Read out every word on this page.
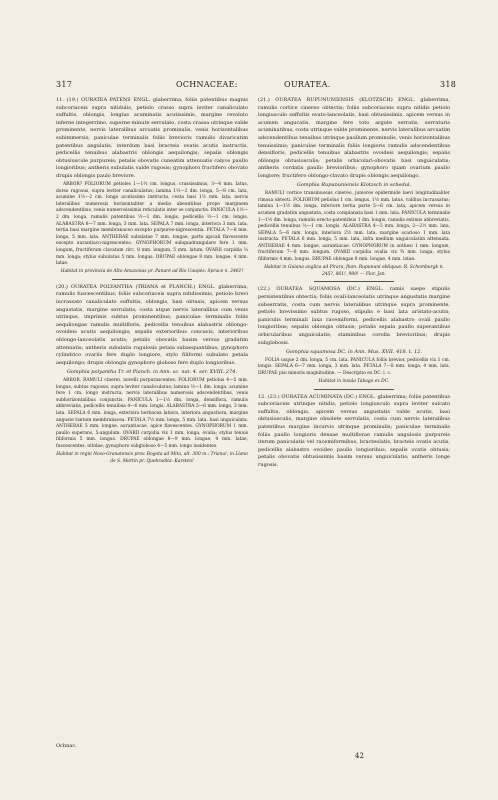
317	OCHNACEAE:	OURATEA.	318

11. (19.) OURATEA PATENS ENGL. glaberrima; foliis patentibus magnis subcoriaceis supra nitidulis, petiolo crasso supra leviter canaliculato suffultis, oblongis, longius acuminatis acutissimis, margine revoluto inferne integerrimo, superne minute serrulato, costa crassa utrinque valde prominente, nervis lateralibus arcuatis prominulis, venis horizontalibus subimmersis; paniculae terminalis foliis brevioris ramulis divaricatim patentibus angulatis, interdum basi bracteis ovatis acutis instructis, pedicellis tenuibus alabastris oblongis aequilongis; sepalis oblongis obtusiuscule purpureis; petalis obovatis cuneatim attenuatis calyce paullo longioribus; antheris subulatis valde rugosis; gynophoro fructifero obovato drupis oblongis paulo breviore.

ARBOR? FOLIORUM petioles 1—1½ cm. longus, crassissimus, 3—4 mm. latus, dorso rugosus, supra leviter canaliculatus; lamina 1½—2 dm. longa, 5—8 cm. lata, acumine 1½—2 cm. longo acutissimo instructa, costa basi 1½ mm. lata, nervis lateralibus numerosis horizontaliter a medio abeuntibus prope marginem adscendentibus, venis numerosissimis reticulatis inter se conjunctis. PANICULA 1½—2 dm. longa, ramulis patentibus ½—1 dm. longis, pedicellis ½—1 cm. longis. ALABASTRA 6—7 mm. longa, 3 mm. lata. SEPALA 7 mm. longa, interiora 3 mm. lata, tertia basi margine membranaceo excepto purpureo-nigrescentia. PETALA 7—8 mm. longa, 5 mm. lata. ANTHERAE subulatae 7 mm. longae, parte apicali flavescente excepto aurantiaco-nigrescentes. GYNOPHORUM subquadrangulare fere 1 mm. longum, fructiferum clavatum circ. 8 mm. longum, 5 mm. latum. OVARII carpidia ⅓ mm. longa; stylus subulatus 5 mm. longus. DRUPAE oblongae 8 mm. longae, 4 mm. latae.

Habitat in provincia de Alto Amazonas pr. Panuré ad Rio Uaupés: Spruce n. 2461!

(20.) OURATEA POLYANTHA (TRIANA et PLANCH.) ENGL. glaberrima, ramulis fuscescentibus; foliis subcoriaceis supra nitidissimis, petiolo brevi incrassato canaliculato suffultis, oblongis, basi obtusis, apicem versus angustatis, margine serrulatis, costa atque nervis lateralibus cum venis utrinque, imprimis subtus prominentibus; paniculae terminalis foliis aequilongae ramulis multifloris, pedicellis tenuibus alabastris oblongo-ovoideis acutis aequilongis; sepalis exterioribus concavis, interioribus oblongo-lanceolatis acutis; petalis obovatis basim versus gradatim attenuatis; antheris subulatis rugulosis petala subaequantibus; gynophoro cylindrico ovariis fere duplo longiore, stylo filiformi subulato petala aequilongo; drupis oblongis gynophoro globoso fere duplo longioribus.

Gomphia polyantha Tr. et Planch. in Ann. sc. nat. 4. ser. XVIII. 274.

ARBOR. RAMULI cinerei, novelli purpurascentes. FOLIORUM petiolus 4—5 mm. longus, subtus rugosus, supra leviter canaliculatus; lamina ½—1 dm. longa, acumine fere 1 cm. longo instructa, nervis lateralibus numerosis adscendentibus, venis subhorizontalibus conjunctis. PANICULA 1—1½ dm. longa, densiflora, ramulis abbreviatis, pedicellis tenuibus 4—6 mm. longis. ALABASTRA 5—6 mm. longa, 3 mm. lata. SEPALA 6 mm. longa, exteriora herbacea latiora, interiora angustiora, margine anguste tantum membranacea. PETALA 7½ mm. longa, 5 mm. lata, basi unguiculata. ANTHERAE 5 mm. longae, aurantiacae, apice flavescentes. GYNOPHORUM 1 mm. paullo superans, 5-angulum. OVARII carpidia vix 1 mm. longa, ovalia; stylus tenuis filiformis 5 mm. longus. DRUPAE oblongae 8—9 mm. longae, 4 mm. latae, fuscescentes, nitidae, gynophoro subgloboso 4—5 mm. longo insidentes.

Habitat in regni Novo-Granatensis prov. Bogota ad Mita, alt. 300 m.: Triana!; in Llano de S. Martin pr. Quebradita: Karsten!

(21.) OURATEA RUPUNUNIENSIS (KLOTZSCH) ENGL. glaberrima, ramulis cortice cinereo obtectis; foliis subcoriaceis supra nitidis petiolo longiusculo suffultis ovato-lanceolatis, basi obtusissimis, apicem versus in acumen angucatis, margine fere toto argute serratis, serraturis acuminatibus, costa utrinque valde prominente, nervis lateralibus arcuatim adscendentibus tenuibus utrinque paullum prominulis, venis horizontalibus tenuissimis; paniculae terminalis foliis longioris ramulis adscendentibus densifloris, pedicellis tenuibus alabastris ovoideis aequilongis; sepalis oblongis obtusiusculis; petalis orbiculari-obovatis basi unguiculatis; antheris cordatis paullo brevioribus; gynophoro quam ovarium paullo longiore; fructifero oblongo-clavato drupis oblongis aequilongo.

Gomphia Rupununiensis Klotzsch in schedul.

RAMULI cortice transinuosus cinereo, juniores epidermide laevi longitudinaliter rimosa obtecti. FOLIORUM petiolus 1 cm. longus, 1½ mm. latus, valdius incrassatus; lamina 1—1½ dm. longa, inferiore tertia parte 5—6 cm. lata, apicem versus in acumen gradatim angustata, costa complanata basi 1 mm. lata. PANICULA terminalis 1—1½ dm. longa, ramulis erecto-patentibus 1 dm. longis, ramulis extimis abbreviatis, pedicellis tenuibus ½—1 cm. longis. ALABASTRA 4—5 mm. longa, 2—2½ mm. lata. SEPALA 5—6 mm. longa, interiora 2½ mm. lata, margine scarioso 1 mm. lata instructa. PETALA 6 mm. longa, 5 mm. lata, infra medium unguiculatim attenuata. ANTHERAE 4 mm. longae, aurantiacae. GYNOPHORUM in anthesi 1 mm. longum, fructiferum 7—8 mm. longum. OVARII carpidia ovalia vix ¾ mm. longa; stylus filiformis 4 mm. longus. DRUPAE oblongae 8 mm. longae, 4 mm. latae.

Habitat in Guiana anglica ad Pirara, flum. Rupununi obliquus: R. Schomburgk n. 245?, 861!, 980! — Flor. Jan.

(22.) OURATEA SQUAMOSA (DC.) ENGL. ramis saepe stipulis persistentibus obtectis; foliis ovali-lanceolatis utrinque angustatis margine subserratis, costa cum nervis lateralibus utrinque supra prominente, petiolo brevissimo subtus rugoso, stipulis e basi lata aristato-acutis; paniculis terminali laxa racemiformi, pedicellis alabastro ovali paullo longioribus; sepalis oblongis obtusis; petalis sepala paullo superantibus orbicularibus unguiculatis; staminibus corolla brevioribus; drupis subglobosis.

Gomphia squamosa DC. in Ann. Mus. XVII. 418. t. 12.

FOLIA usque 2 dm. longa, 5 cm. lata. PANICULA foliis brevior, pedicellis vix 1 cm. longis. SEPALA 6—7 mm. longa, 3 mm. lata. PETALA 7—8 mm. longa, 4 mm. lata. DRUPAE pisi minoris magnitudine. — Descriptio ex DC. l. c.

Habitat in insula Tabago ex DC.

12. (23.) OURATEA ACUMINATA (DC.) ENGL. glaberrima; foliis patentibus subcoriaceis utrinque nitidis, petiolo longiusculo supra leviter sulcato suffultis, oblongis, apicem versus angustatis valde acutis, basi obtusiusculis, margine obsolete serrulatis, costa cum nervis lateralibus patentibus margine incurvis utrinque prominulis; paniculae terminalis foliis paullo longioris densae multiflorae ramulis angulosis purpureis iterum paniculatis vel racemiformibus, bracteolatis, bracteis ovatis acutis, pedicellis alabastro ovoideo paullo longioribus; sepalis ovatis obtusis; petalis obovatis obtusissimis basim versus unguiculatis; antheris longe rugosis.

Ochnac.
42
